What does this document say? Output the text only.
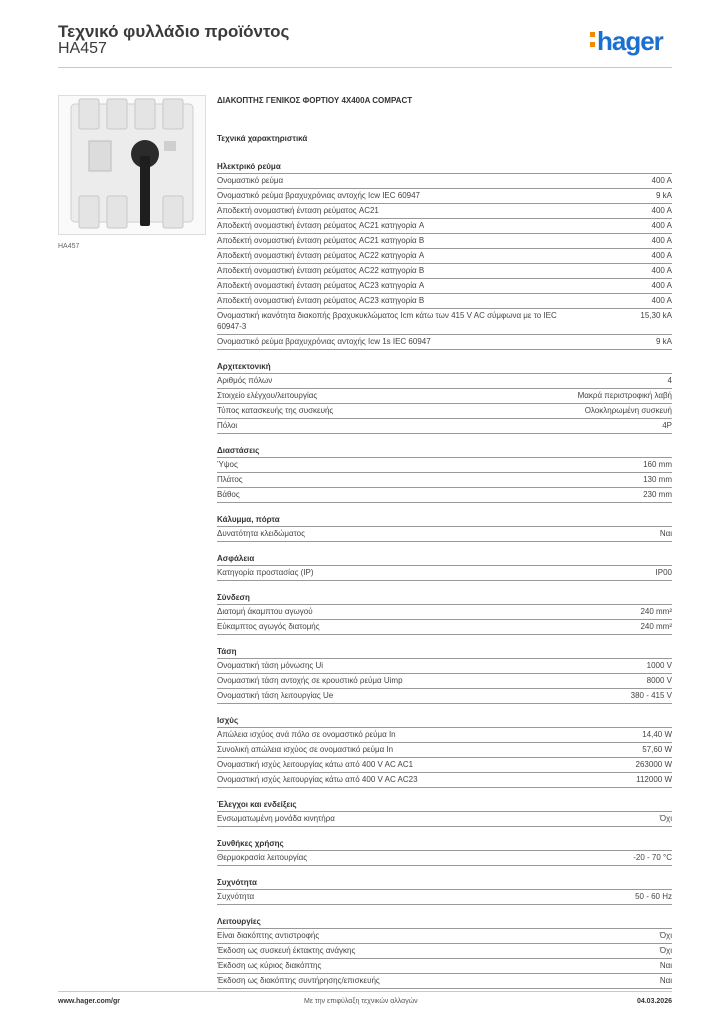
Τεχνικό φυλλάδιο προϊόντος
HA457	hager
HA457
ΔΙΑΚΟΠΤΗΣ ΓΕΝΙΚΟΣ ΦΟΡΤΙΟΥ 4X400A COMPACT
Τεχνικά χαρακτηριστικά
Ηλεκτρικό ρεύμα
Ονομαστικό ρεύμα	400 A
Ονομαστικό ρεύμα βραχυχρόνιας αντοχής Icw IEC 60947	9 kA
Αποδεκτή ονομαστική ένταση ρεύματος AC21	400 A
Αποδεκτή ονομαστική ένταση ρεύματος AC21 κατηγορία A	400 A
Αποδεκτή ονομαστική ένταση ρεύματος AC21 κατηγορία B	400 A
Αποδεκτή ονομαστική ένταση ρεύματος AC22 κατηγορία A	400 A
Αποδεκτή ονομαστική ένταση ρεύματος AC22 κατηγορία B	400 A
Αποδεκτή ονομαστική ένταση ρεύματος AC23 κατηγορία A	400 A
Αποδεκτή ονομαστική ένταση ρεύματος AC23 κατηγορία B	400 A
Ονομαστική ικανότητα διακοπής βραχυκυκλώματος Icm κάτω των 415 V AC σύμφωνα με το IEC 60947-3
15,30 kA
Ονομαστικό ρεύμα βραχυχρόνιας αντοχής Icw 1s IEC 60947	9 kA
Αρχιτεκτονική
Αριθμός πόλων	4
Στοιχείο ελέγχου/λειτουργίας	Μακρά περιστροφική λαβή
Τύπος κατασκευής της συσκευής	Ολοκληρωμένη συσκευή
Πόλοι	4P
Διαστάσεις
Ύψος	160 mm
Πλάτος	130 mm
Βάθος	230 mm
Κάλυμμα, πόρτα
Δυνατότητα κλειδώματος	Ναι
Ασφάλεια
Κατηγορία προστασίας (IP)	IP00
Σύνδεση
Διατομή άκαμπτου αγωγού	240 mm²
Εύκαμπτος αγωγός διατομής	240 mm²
Τάση
Ονομαστική τάση μόνωσης Ui	1000 V
Ονομαστική τάση αντοχής σε κρουστικό ρεύμα Uimp	8000 V
Ονομαστική τάση λειτουργίας Ue	380 - 415 V
Ισχύς
Απώλεια ισχύος ανά πόλο σε ονομαστικό ρεύμα In	14,40 W
Συνολική απώλεια ισχύος σε ονομαστικό ρεύμα In	57,60 W
Ονομαστική ισχύς λειτουργίας κάτω από 400 V AC AC1	263000 W
Ονομαστική ισχύς λειτουργίας κάτω από 400 V AC AC23	112000 W
Έλεγχοι και ενδείξεις
Ενσωματωμένη μονάδα κινητήρα	Όχι
Συνθήκες χρήσης
Θερμοκρασία λειτουργίας	-20 - 70 °C
Συχνότητα
Συχνότητα	50 - 60 Hz
Λειτουργίες
Είναι διακόπτης αντιστροφής	Όχι
Έκδοση ως συσκευή έκτακτης ανάγκης	Όχι
Έκδοση ως κύριος διακόπτης	Ναι
Έκδοση ως διακόπτης συντήρησης/επισκευής	Ναι
www.hager.com/gr	Με την επιφύλαξη τεχνικών αλλαγών	04.03.2026
